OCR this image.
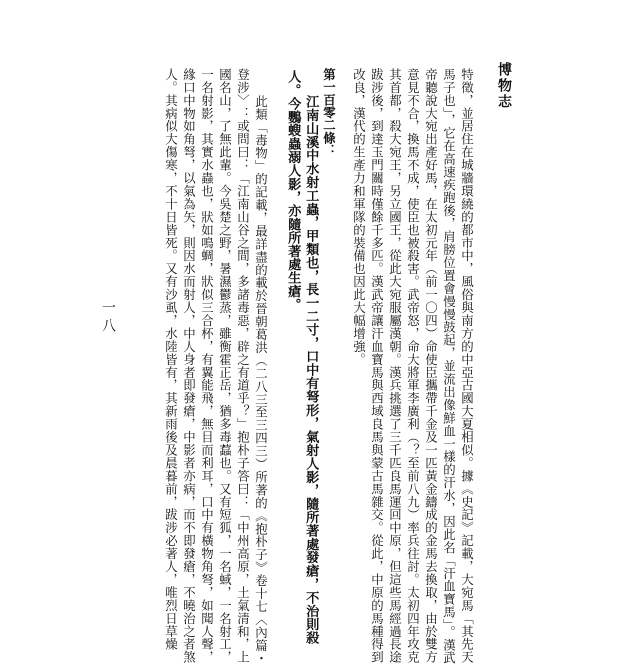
博物志
一八	特徵，並居住在城牆環繞的都市中，風俗與南方的中亞古國大夏相似。據《史記》記載，大宛馬「其先天
馬子也」，它在高速疾跑後，肩膀位置會慢慢鼓起，並流出像鮮血一樣的汗水，因此名「汗血寶馬」。漢武
帝聽說大宛出產好馬，在太初元年（前一〇四）命使臣攜帶千金及一匹黃金鑄成的金馬去換取，由於雙方
意見不合，換馬不成，使臣也被殺害。武帝怒，命大將軍李廣利（？至前八九）率兵往討。太初四年攻克
其首都，殺大宛王，另立國王，從此大宛服屬漢朝。漢兵挑選了三千匹良馬運回中原，但這些馬經過長途
跋涉後，到達玉門關時僅餘千多匹。漢武帝讓汗血寶馬與西域良馬與蒙古馬雜交。從此，中原的馬種得到
改良，漢代的生產力和軍隊的裝備也因此大幅增強。
第一百零二條：
江南山溪中水射工蟲，甲類也，長一二寸，口中有弩形，氣射人影，隨所著處發瘡，不治則殺
人。今鸚螋蟲溺人影，亦隨所著處生瘡。
此類「毒物」的記載，最詳盡的載於晉朝葛洪（二八三至三四三）所著的《抱朴子》卷十七〈內篇・
登涉〉：或問曰：「江南山谷之間，多諸毒惡，辟之有道乎？」抱朴子答曰：「中州高原，土氣清和，上
國名山，了無此輩。今吳楚之野，暑濕鬱蒸，雖衡霍正岳，猶多毒蠚也。又有短狐，一名蜮，一名射工，
一名射影，其實水蟲也，狀如鳴蜩，狀似三合杯，有翼能飛，無目而利耳，口中有橫物角弩，如聞人聲，
緣口中物如角弩，以氣為矢，則因水而射人，中人身者即發瘡，中影者亦病，而不即發瘡，不曉治之者煞
人。其病似大傷寒，不十日皆死。又有沙虱，水陸皆有，其新雨後及晨暮前，跋涉必著人，唯烈日草燥
